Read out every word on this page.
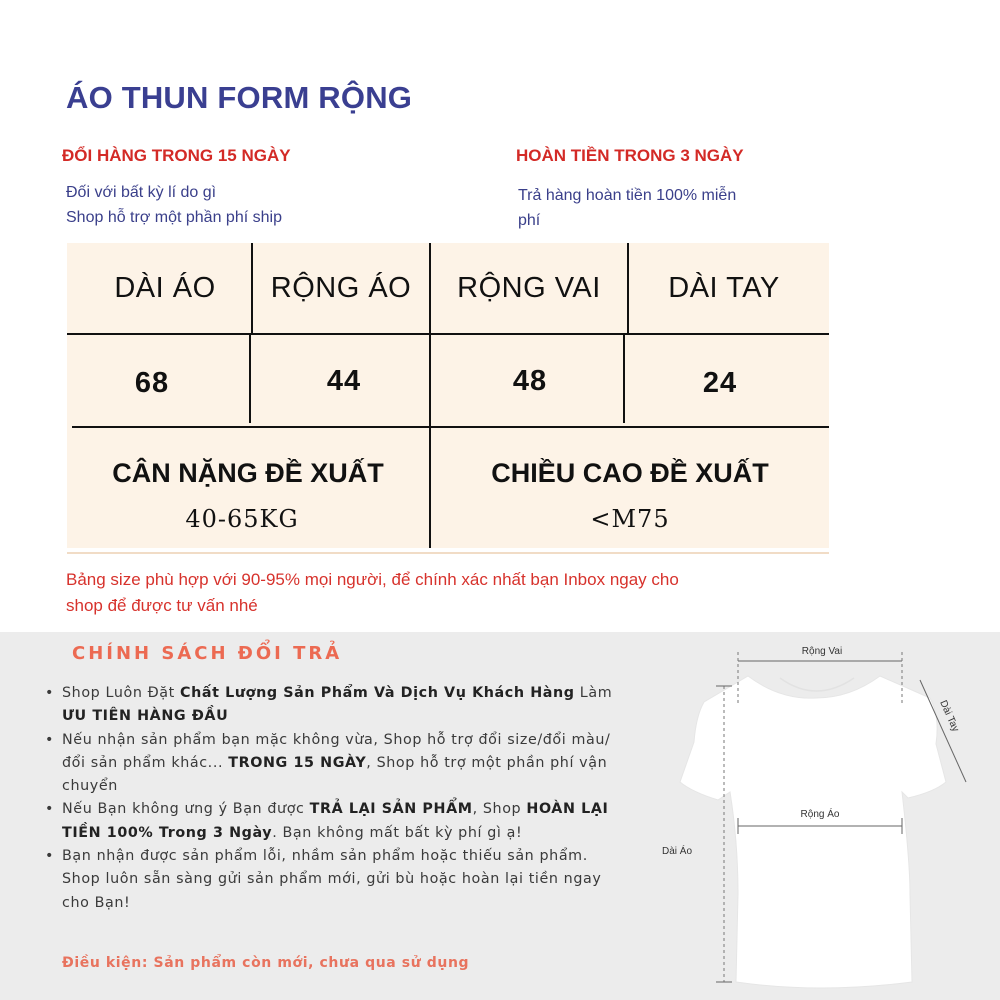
ÁO THUN FORM RỘNG
ĐỔI HÀNG TRONG 15 NGÀY
Đối với bất kỳ lí do gì
Shop hỗ trợ một phần phí ship
HOÀN TIỀN TRONG 3 NGÀY
Trả hàng hoàn tiền 100% miễn
phí
DÀI ÁO	RỘNG ÁO	RỘNG VAI	DÀI TAY
68	44	48	24
CÂN NẶNG ĐỀ XUẤT
40-65KG
CHIỀU CAO ĐỀ XUẤT
<M75
Bảng size phù hợp với 90-95% mọi người, để chính xác nhất bạn Inbox ngay cho
shop để được tư vấn nhé
CHÍNH SÁCH ĐỔI TRẢ
• Shop Luôn Đặt Chất Lượng Sản Phẩm Và Dịch Vụ Khách Hàng Làm ƯU TIÊN HÀNG ĐẦU
• Nếu nhận sản phẩm bạn mặc không vừa, Shop hỗ trợ đổi size/đổi màu/đổi sản phẩm khác... TRONG 15 NGÀY, Shop hỗ trợ một phần phí vận chuyển
• Nếu Bạn không ưng ý Bạn được TRẢ LẠI SẢN PHẨM, Shop HOÀN LẠI TIỀN 100% Trong 3 Ngày. Bạn không mất bất kỳ phí gì ạ!
• Bạn nhận được sản phẩm lỗi, nhầm sản phẩm hoặc thiếu sản phẩm. Shop luôn sẵn sàng gửi sản phẩm mới, gửi bù hoặc hoàn lại tiền ngay cho Bạn!
Điều kiện: Sản phẩm còn mới, chưa qua sử dụng
Rộng Vai
Dài Tay
Rộng Áo
Dài Áo
